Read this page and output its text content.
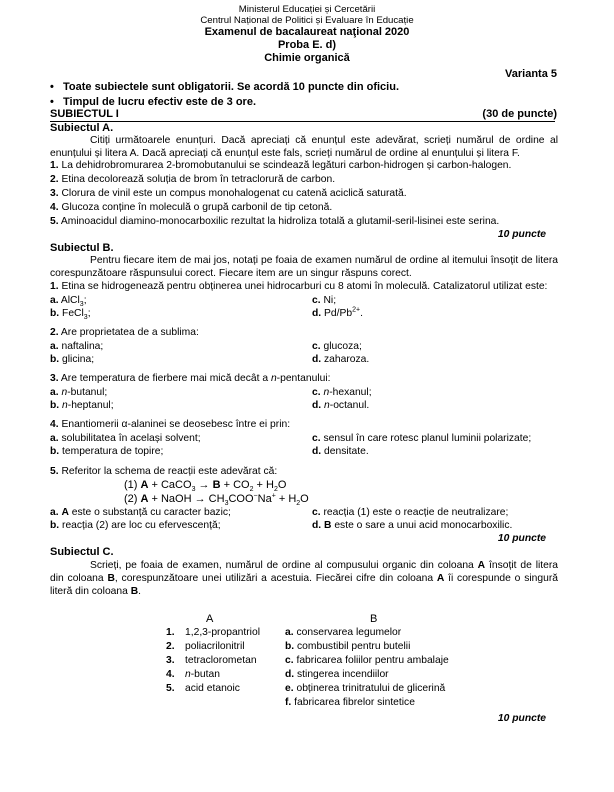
Ministerul Educației și Cercetării
Centrul Național de Politici și Evaluare în Educație
Examenul de bacalaureat naţional 2020
Proba E. d)
Chimie organică
Varianta 5
•   Toate subiectele sunt obligatorii. Se acordă 10 puncte din oficiu.
•   Timpul de lucru efectiv este de 3 ore.
SUBIECTUL I	(30 de puncte)
Subiectul A.
Citiți următoarele enunțuri. Dacă apreciați că enunțul este adevărat, scrieți numărul de ordine al enunțului și litera A. Dacă apreciați că enunțul este fals, scrieți numărul de ordine al enunțului și litera F.
1. La dehidrobromurarea 2-bromobutanului se scindează legături carbon-hidrogen și carbon-halogen.
2. Etina decolorează soluția de brom în tetraclorură de carbon.
3. Clorura de vinil este un compus monohalogenat cu catenă aciclică saturată.
4. Glucoza conține în moleculă o grupă carbonil de tip cetonă.
5. Aminoacidul diamino-monocarboxilic rezultat la hidroliza totală a glutamil-seril-lisinei este serina.
10 puncte
Subiectul B.
Pentru fiecare item de mai jos, notați pe foaia de examen numărul de ordine al itemului însoțit de litera corespunzătoare răspunsului corect. Fiecare item are un singur răspuns corect.
1. Etina se hidrogenează pentru obținerea unei hidrocarburi cu 8 atomi în moleculă. Catalizatorul utilizat este:
a. AlCl$_3$;
b. FeCl$_3$;
c. Ni;
d. $Pd/Pb^{2+}$.
2. Are proprietatea de a sublima:
a. naftalina;
b. glicina;
c. glucoza;
d. zaharoza.
3. Are temperatura de fierbere mai mică decât a n-pentanului:
a. n-butanul;
b. n-heptanul;
c. n-hexanul;
d. n-octanul.
4. Enantiomerii α-alaninei se deosebesc între ei prin:
a. solubilitatea în același solvent;
b. temperatura de topire;
c. sensul în care rotesc planul luminii polarizate;
d. densitate.
5. Referitor la schema de reacții este adevărat că:
(1) A + CaCO$_3$ → $B + CO_2 + H_2O$
(2) A + NaOH → $CH_3COO^-Na^+ + H_2O$
a. A este o substanță cu caracter bazic;
b. reacția (2) are loc cu efervescență;
c. reacția (1) este o reacție de neutralizare;
d. B este o sare a unui acid monocarboxilic.
10 puncte
Subiectul C.
Scrieți, pe foaia de examen, numărul de ordine al compusului organic din coloana A însoțit de litera din coloana B, corespunzătoare unei utilizări a acestuia. Fiecărei cifre din coloana A îi corespunde o singură literă din coloana B.
A	B
1. 1,2,3-propantriol
2. poliacrilonitril
3. tetraclorometan
4. n-butan
5. acid etanoic
a. conservarea legumelor
b. combustibil pentru butelii
c. fabricarea foliilor pentru ambalaje
d. stingerea incendiilor
e. obținerea trinitratului de glicerină
f. fabricarea fibrelor sintetice
10 puncte
